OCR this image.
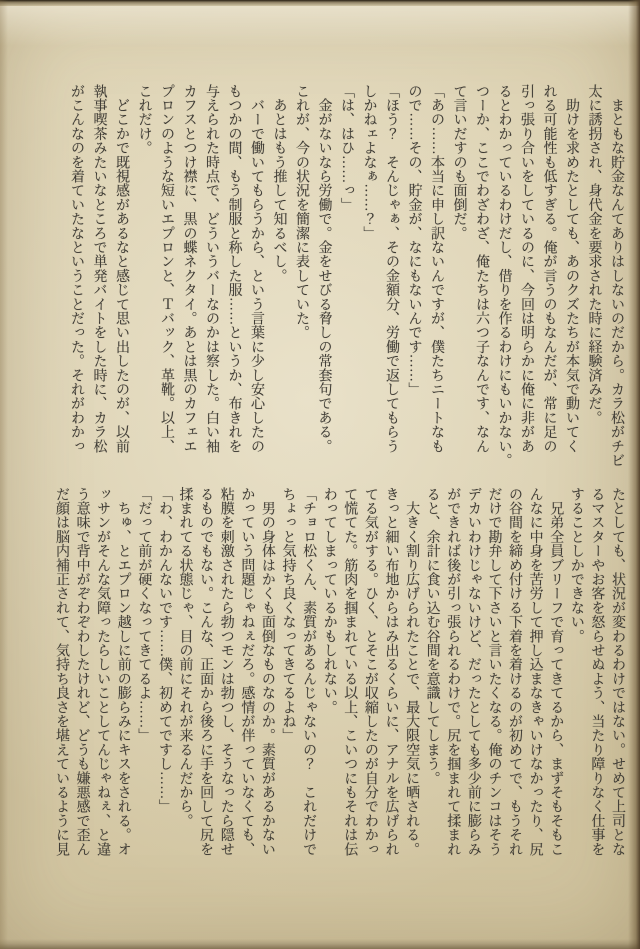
　まともな貯金なんてありはしないのだから。カラ松がチビ
太に誘拐され、身代金を要求された時に経験済みだ。
　助けを求めたとしても、あのクズたちが本気で動いてく
れる可能性も低すぎる。俺が言うのもなんだが、常に足の
引っ張り合いをしているのに、今回は明らかに俺に非があ
るとわかっているわけだし、借りを作るわけにもいかない。
つーか、ここでわざわざ、俺たちは六つ子なんです、なん
て言いだすのも面倒だ。
「あの……本当に申し訳ないんですが、僕たちニートなも
ので……その、貯金が、なにもないんです……」
「ほう？　そんじゃぁ、その金額分、労働で返してもらう
しかねェよなぁ……？」
「は、はひ……っ」
　金がないなら労働で。金をせびる脅しの常套句である。
これが、今の状況を簡潔に表していた。
　あとはもう推して知るべし。
　バーで働いてもらうから、という言葉に少し安心したの
もつかの間、もう制服と称した服……というか、布きれを
与えられた時点で、どういうバーなのかは察した。白い袖
カフスとつけ襟に、黒の蝶ネクタイ。あとは黒のカフェエ
プロンのような短いエプロンと、Ｔバック、革靴。以上、
これだけ。
　どこかで既視感があるなと感じて思い出したのが、以前
執事喫茶みたいなところで単発バイトをした時に、カラ松
がこんなのを着ていたなということだった。それがわかっ
たとしても、状況が変わるわけではない。せめて上司とな
るマスターやお客を怒らせぬよう、当たり障りなく仕事を
することしかできない。
　兄弟全員ブリーフで育ってきてるから、まずそもそもこ
んなに中身を苦労して押し込まなきゃいけなかったり、尻
の谷間を締め付ける下着を着けるのが初めてで、もうそれ
だけで勘弁して下さいと言いたくなる。俺のチンコはそう
デカいわけじゃないけど、だったとしても多少前に膨らみ
ができれば後が引っ張られるわけで。尻を掴まれて揉まれ
ると、余計に食い込む谷間を意識してしまう。
　大きく割り広げられたことで、最大限空気に晒される。
きっと細い布地からはみ出るくらいに、アナルを広げられ
てる気がする。ひく、とそこが収縮したのが自分でわかっ
て慌てた。筋肉を掴まれている以上、こいつにもそれは伝
わってしまっているかもしれない。
「チョロ松くん、素質があるんじゃないの？　これだけで
ちょっと気持ち良くなってきてるよね」
　男の身体はかくも面倒なものなのか。素質があるかない
かっていう問題じゃねぇだろ。感情が伴っていなくても、
粘膜を刺激されたら勃つモンは勃つし、そうなったら隠せ
るものでもない。こんな、正面から後ろに手を回して尻を
揉まれてる状態じゃ、目の前にそれが来るんだから。
「わ、わかんないです……僕、初めてですし……」
「だって前が硬くなってきてるよ……」
　ちゅ、とエプロン越しに前の膨らみにキスをされる。オ
ッサンがそんな気障ったらしいことしてんじゃねぇ、と違
う意味で背中がぞわぞわしたけれど、どうも嫌悪感で歪ん
だ顔は脳内補正されて、気持ち良さを堪えているように見
